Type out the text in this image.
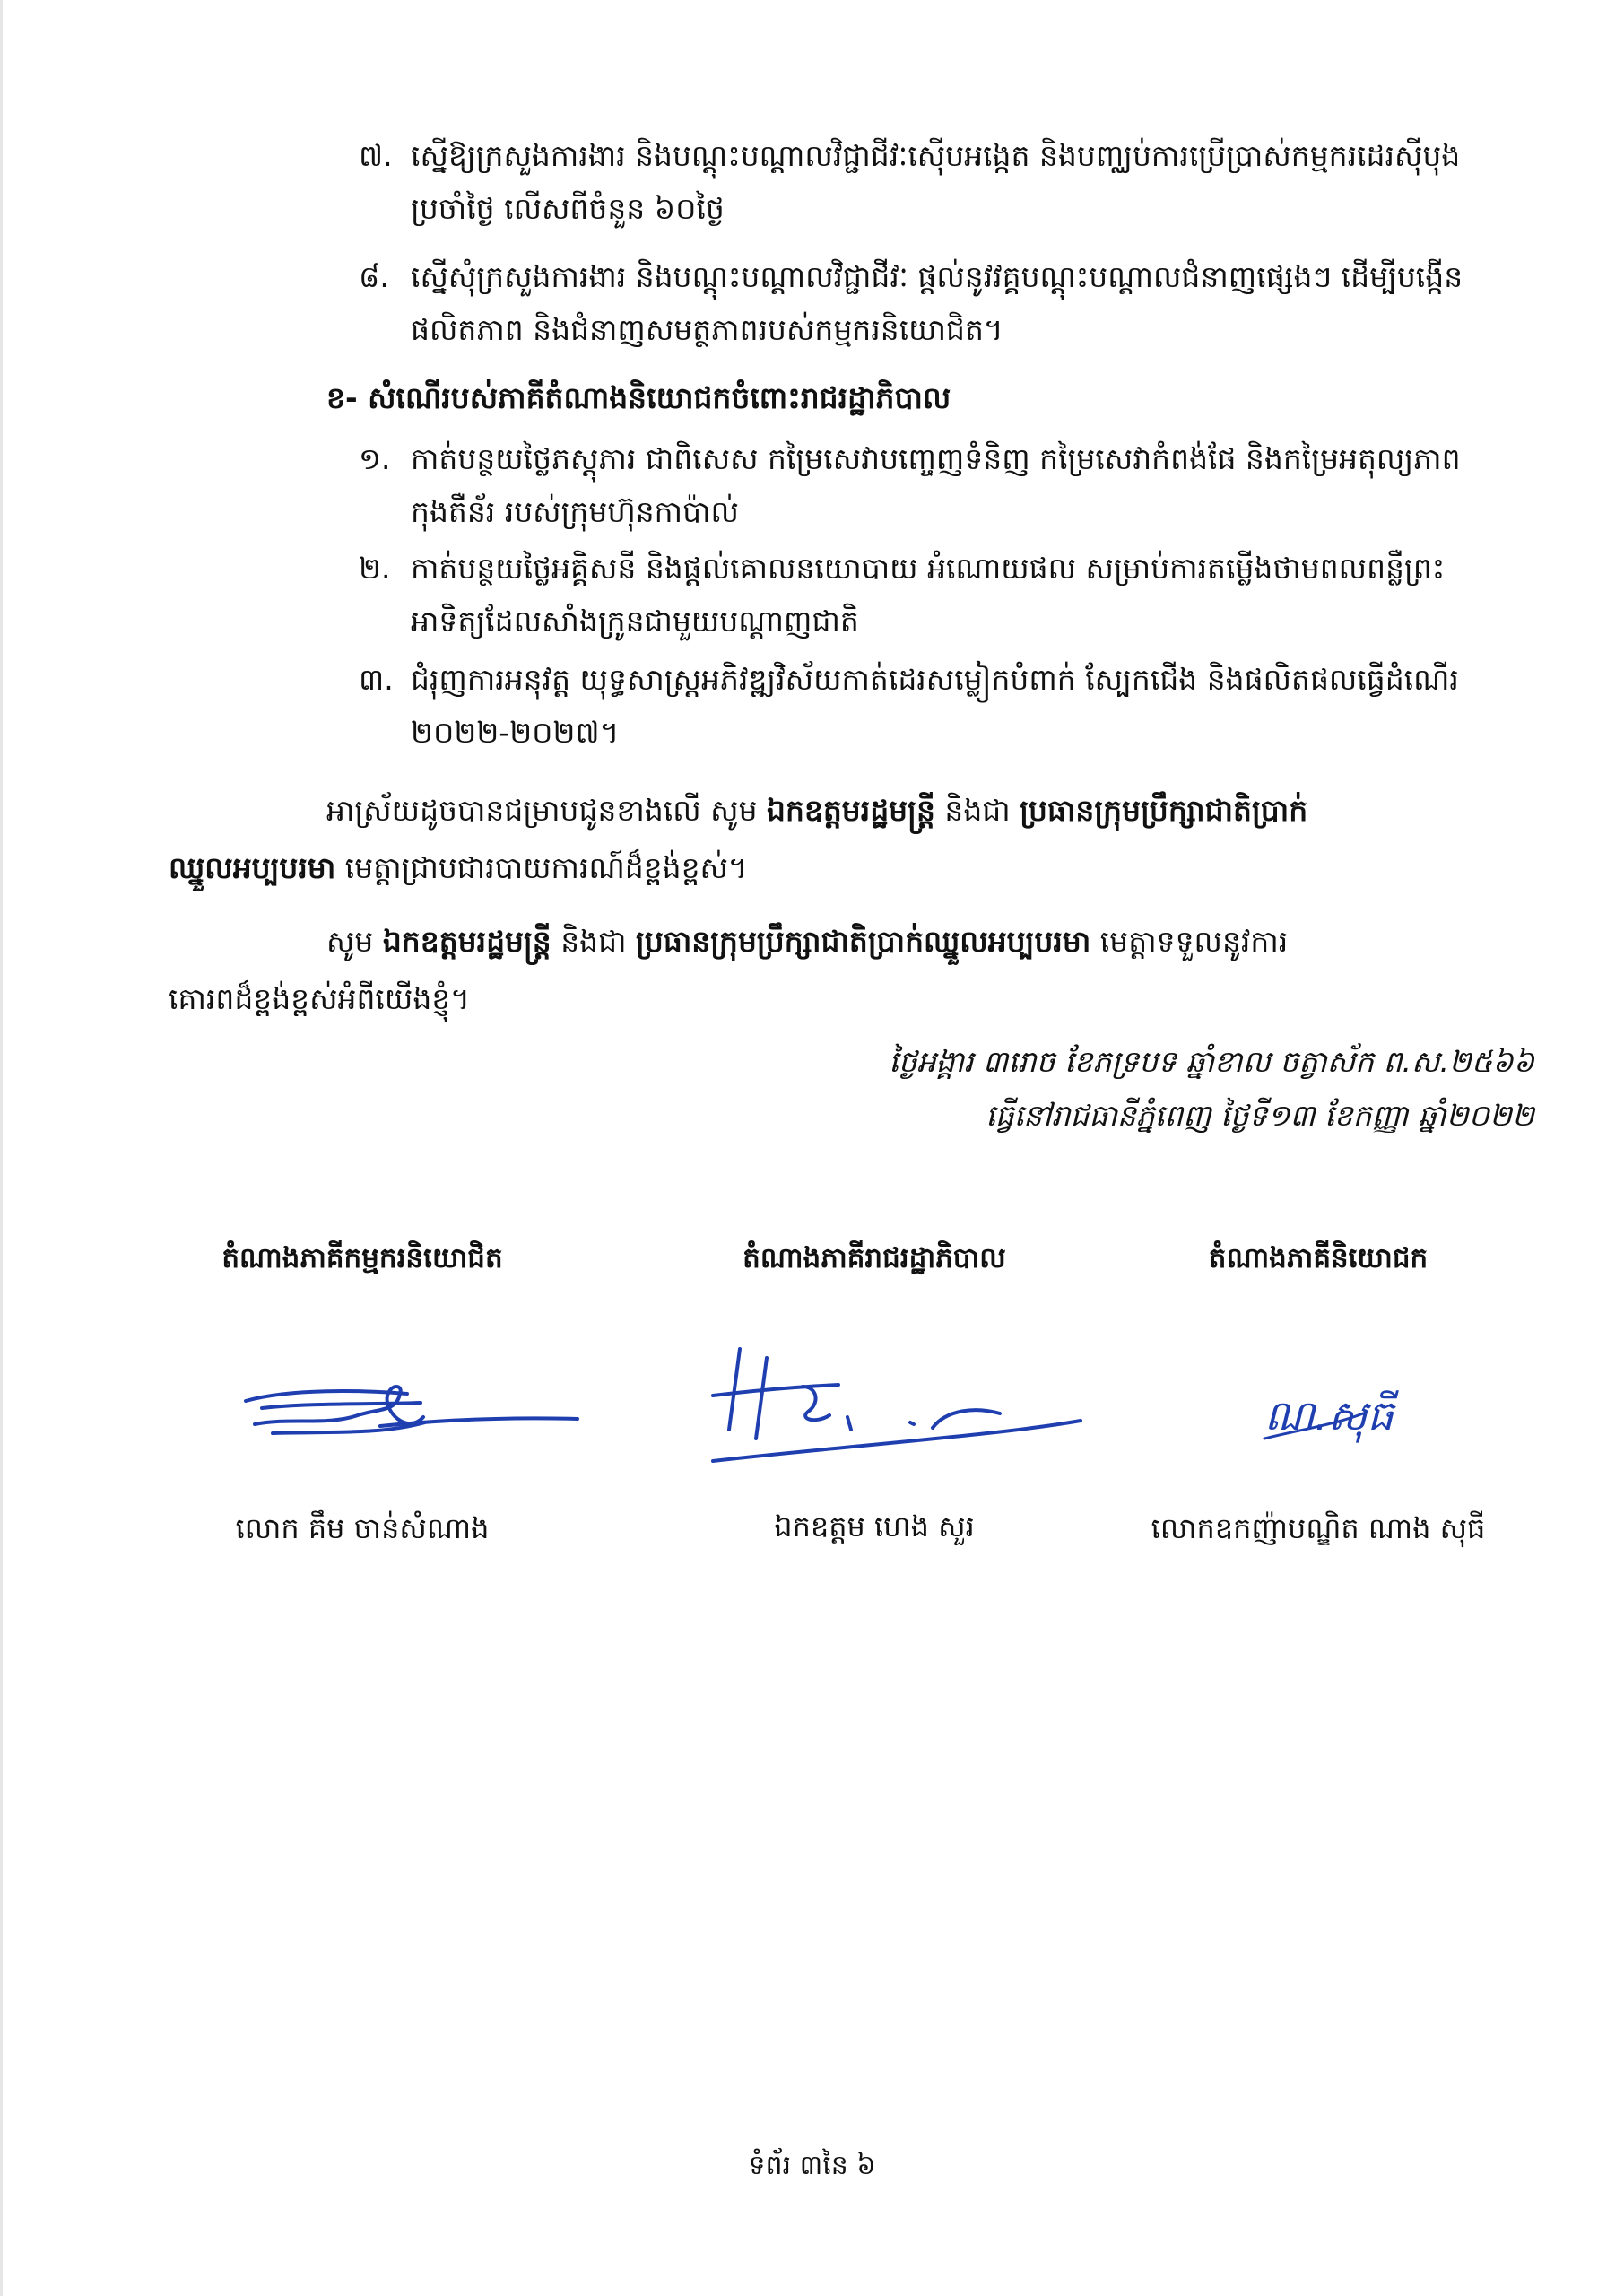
៧. ស្នើឱ្យក្រសួងការងារ និងបណ្តុះបណ្តាលវិជ្ជាជីវៈស៊ើបអង្កេត និងបញ្ឈប់ការប្រើប្រាស់កម្មករដេរស៊ីបុង
ប្រចាំថ្ងៃ លើសពីចំនួន ៦០ថ្ងៃ
៨. ស្នើសុំក្រសួងការងារ និងបណ្តុះបណ្តាលវិជ្ជាជីវៈ ផ្តល់នូវវគ្គបណ្តុះបណ្តាលជំនាញផ្សេងៗ ដើម្បីបង្កើន
ផលិតភាព និងជំនាញសមត្ថភាពរបស់កម្មករនិយោជិត។
ខ- សំណើរបស់ភាគីតំណាងនិយោជកចំពោះរាជរដ្ឋាភិបាល
១. កាត់បន្ថយថ្លៃភស្តុភារ ជាពិសេស កម្រៃសេវាបញ្ចេញទំនិញ កម្រៃសេវាកំពង់ផែ និងកម្រៃអតុល្យភាព
កុងតឺន័រ របស់ក្រុមហ៊ុនកាប៉ាល់
២. កាត់បន្ថយថ្លៃអគ្គិសនី និងផ្តល់គោលនយោបាយ អំណោយផល សម្រាប់ការតម្លើងថាមពលពន្លឺព្រះ
អាទិត្យដែលសាំងក្រូនជាមួយបណ្តាញជាតិ
៣. ជំរុញការអនុវត្ត យុទ្ធសាស្ត្រអភិវឌ្ឍវិស័យកាត់ដេរសម្លៀកបំពាក់ ស្បែកជើង និងផលិតផលធ្វើដំណើរ
២០២២-២០២៧។
អាស្រ័យដូចបានជម្រាបជូនខាងលើ សូម ឯកឧត្តមរដ្ឋមន្ត្រី និងជា ប្រធានក្រុមប្រឹក្សាជាតិប្រាក់
ឈ្នួលអប្បបរមា មេត្តាជ្រាបជារបាយការណ៍ដ៏ខ្ពង់ខ្ពស់។
សូម ឯកឧត្តមរដ្ឋមន្ត្រី និងជា ប្រធានក្រុមប្រឹក្សាជាតិប្រាក់ឈ្នួលអប្បបរមា មេត្តាទទួលនូវការ
គោរពដ៏ខ្ពង់ខ្ពស់អំពីយើងខ្ញុំ។
ថ្ងៃអង្គារ ៣រោច ខែភទ្របទ ឆ្នាំខាល ចត្វាស័ក ព.ស.២៥៦៦
ធ្វើនៅរាជធានីភ្នំពេញ ថ្ងៃទី១៣ ខែកញ្ញា ឆ្នាំ២០២២
តំណាងភាគីកម្មករនិយោជិត
លោក គឹម ចាន់សំណាង
តំណាងភាគីរាជរដ្ឋាភិបាល
ឯកឧត្តម ហេង សួរ
តំណាងភាគីនិយោជក
ណ.សុធី
លោកឧកញ៉ាបណ្ឌិត ណាង សុធី
ទំព័រ ៣នៃ ៦
